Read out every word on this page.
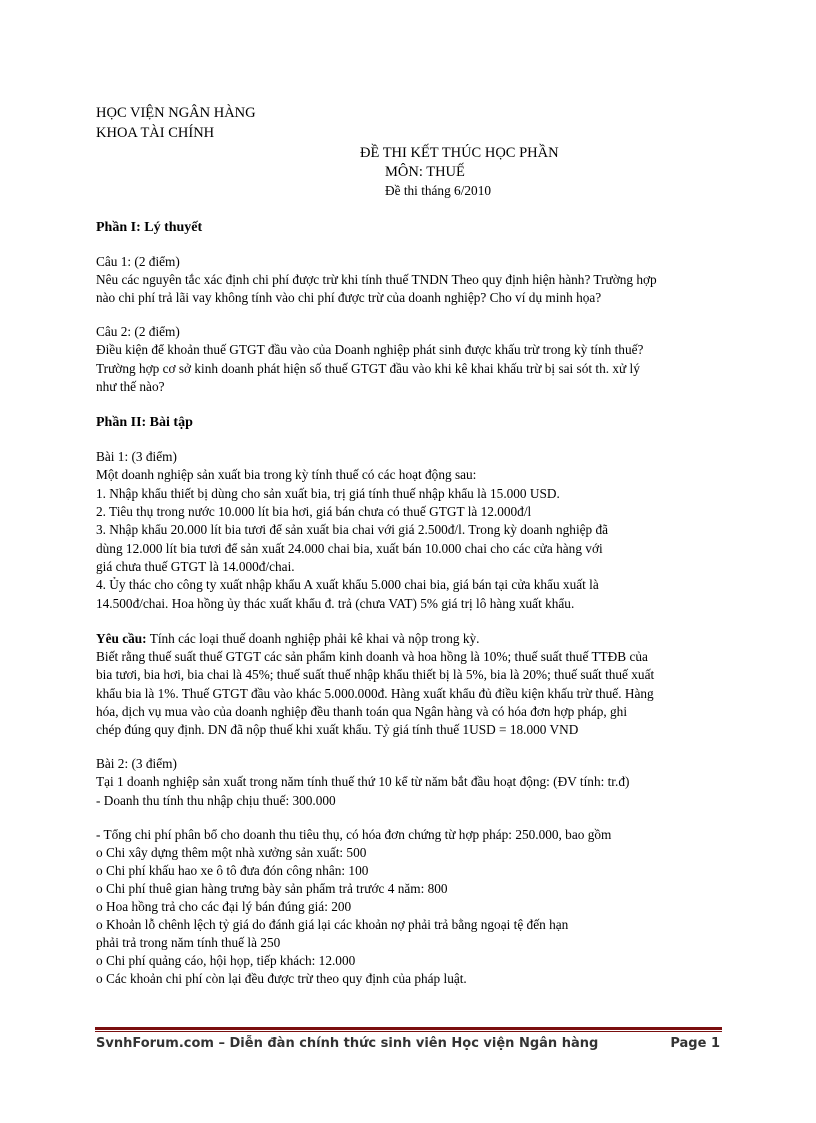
HỌC VIỆN NGÂN HÀNG
KHOA TÀI CHÍNH
ĐỀ THI KẾT THÚC HỌC PHẦN
MÔN: THUẾ
Đề thi tháng 6/2010
Phần I: Lý thuyết
Câu 1: (2 điểm)
Nêu các nguyên tắc xác định chi phí được trừ khi tính thuế TNDN Theo quy định hiện hành? Trường hợp
nào chi phí trả lãi vay không tính vào chi phí được trừ của doanh nghiệp? Cho ví dụ minh họa?
Câu 2: (2 điểm)
Điều kiện để khoản thuế GTGT đầu vào của Doanh nghiệp phát sinh được khấu trừ trong kỳ tính thuế?
Trường hợp cơ sở kinh doanh phát hiện số thuế GTGT đầu vào khi kê khai khấu trừ bị sai sót th. xử lý
như thế nào?
Phần II: Bài tập
Bài 1: (3 điểm)
Một doanh nghiệp sản xuất bia trong kỳ tính thuế có các hoạt động sau:
1. Nhập khẩu thiết bị dùng cho sản xuất bia, trị giá tính thuế nhập khẩu là 15.000 USD.
2. Tiêu thụ trong nước 10.000 lít bia hơi, giá bán chưa có thuế GTGT là 12.000đ/l
3. Nhập khẩu 20.000 lít bia tươi để sản xuất bia chai với giá 2.500đ/l. Trong kỳ doanh nghiệp đã
dùng 12.000 lít bia tươi để sản xuất 24.000 chai bia, xuất bán 10.000 chai cho các cửa hàng với
giá chưa thuế GTGT là 14.000đ/chai.
4. Ủy thác cho công ty xuất nhập khẩu A xuất khẩu 5.000 chai bia, giá bán tại cửa khẩu xuất là
14.500đ/chai. Hoa hồng ủy thác xuất khẩu đ. trả (chưa VAT) 5% giá trị lô hàng xuất khẩu.
Yêu cầu: Tính các loại thuế doanh nghiệp phải kê khai và nộp trong kỳ.
Biết rằng thuế suất thuế GTGT các sản phẩm kinh doanh và hoa hồng là 10%; thuế suất thuế TTĐB của
bia tươi, bia hơi, bia chai là 45%; thuế suất thuế nhập khẩu thiết bị là 5%, bia là 20%; thuế suất thuế xuất
khẩu bia là 1%. Thuế GTGT đầu vào khác 5.000.000đ. Hàng xuất khẩu đủ điều kiện khấu trừ thuế. Hàng
hóa, dịch vụ mua vào của doanh nghiệp đều thanh toán qua Ngân hàng và có hóa đơn hợp pháp, ghi
chép đúng quy định. DN đã nộp thuế khi xuất khẩu. Tỷ giá tính thuế 1USD = 18.000 VND
Bài 2: (3 điểm)
Tại 1 doanh nghiệp sản xuất trong năm tính thuế thứ 10 kể từ năm bắt đầu hoạt động: (ĐV tính: tr.đ)
- Doanh thu tính thu nhập chịu thuế: 300.000
- Tổng chi phí phân bổ cho doanh thu tiêu thụ, có hóa đơn chứng từ hợp pháp: 250.000, bao gồm
o Chi xây dựng thêm một nhà xưởng sản xuất: 500
o Chi phí khấu hao xe ô tô đưa đón công nhân: 100
o Chi phí thuê gian hàng trưng bày sản phẩm trả trước 4 năm: 800
o Hoa hồng trả cho các đại lý bán đúng giá: 200
o Khoản lỗ chênh lệch tỷ giá do đánh giá lại các khoản nợ phải trả bằng ngoại tệ đến hạn
phải trả trong năm tính thuế là 250
o Chi phí quảng cáo, hội họp, tiếp khách: 12.000
o Các khoản chi phí còn lại đều được trừ theo quy định của pháp luật.
SvnhForum.com – Diễn đàn chính thức sinh viên Học viện Ngân hàng	Page 1
